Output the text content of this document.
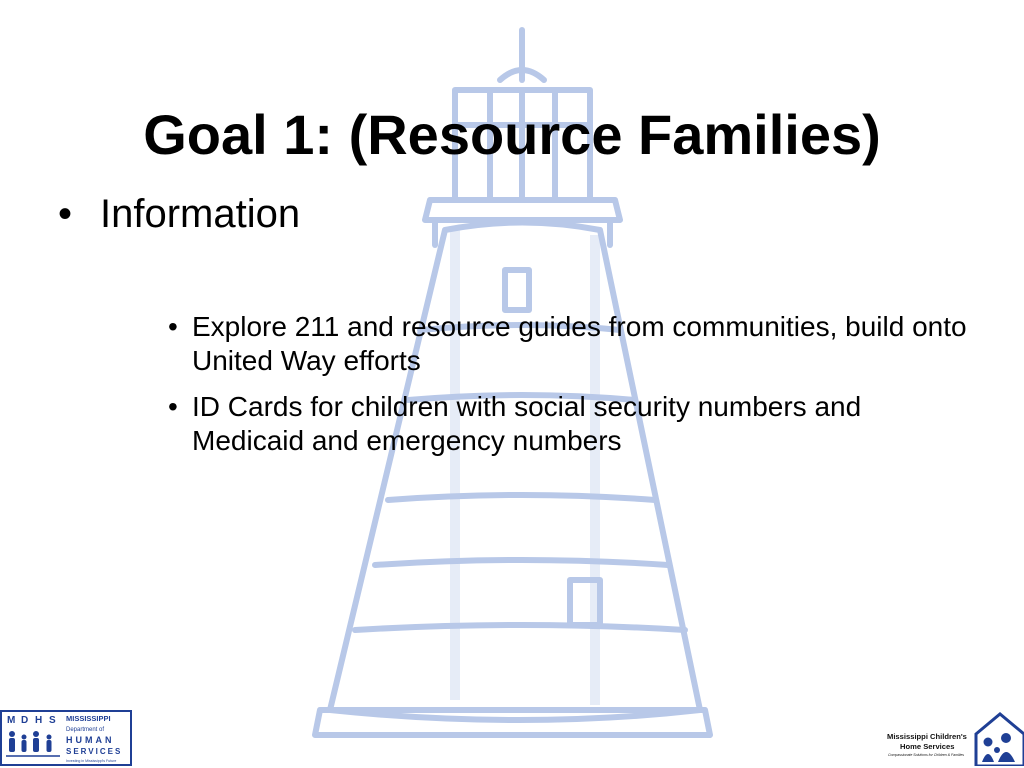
Goal 1: (Resource Families)
• Information
• Explore 211 and resource guides from communities, build onto United Way efforts
• ID Cards for children with social security numbers and Medicaid and emergency numbers
M D H S MISSISSIPPI
Department of
HUMAN
SERVICES
Investing in Mississippi's Future
Mississippi Children's
Home Services
Compassionate Solutions for Children & Families
